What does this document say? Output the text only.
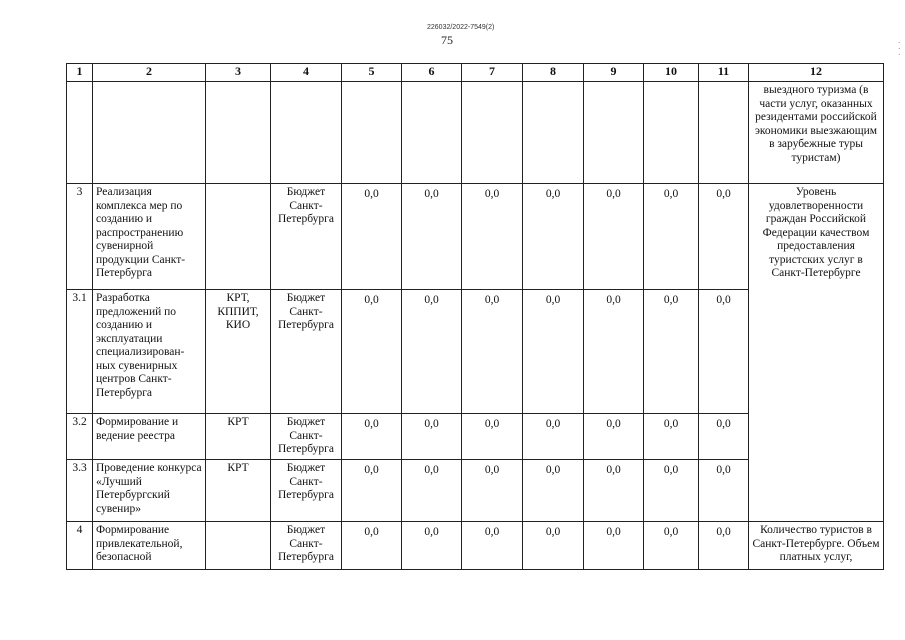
226032/2022-7549(2)
75	·
·
·
1	2	3	4	5	6	7	8	9	10	11	12
											выездного туризма (в части услуг, оказанных резидентами российской экономики выезжающим в зарубежные туры туристам)
3	Реализация комплекса мер по созданию и распространению сувенирной продукции Санкт-Петербурга		Бюджет Санкт-Петербурга	0,0	0,0	0,0	0,0	0,0	0,0	0,0	Уровень удовлетворенности граждан Российской Федерации качеством предоставления туристских услуг в Санкт-Петербурге
3.1	Разработка предложений по созданию и эксплуатации специализирован-ных сувенирных центров Санкт-Петербурга	КРТ, КППИТ, КИО	Бюджет Санкт-Петербурга	0,0	0,0	0,0	0,0	0,0	0,0	0,0	
3.2	Формирование и ведение реестра	КРТ	Бюджет Санкт-Петербурга	0,0	0,0	0,0	0,0	0,0	0,0	0,0	
3.3	Проведение конкурса «Лучший Петербургский сувенир»	КРТ	Бюджет Санкт-Петербурга	0,0	0,0	0,0	0,0	0,0	0,0	0,0	
4	Формирование привлекательной, безопасной		Бюджет Санкт-Петербурга	0,0	0,0	0,0	0,0	0,0	0,0	0,0	Количество туристов в Санкт-Петербурге. Объем платных услуг,
